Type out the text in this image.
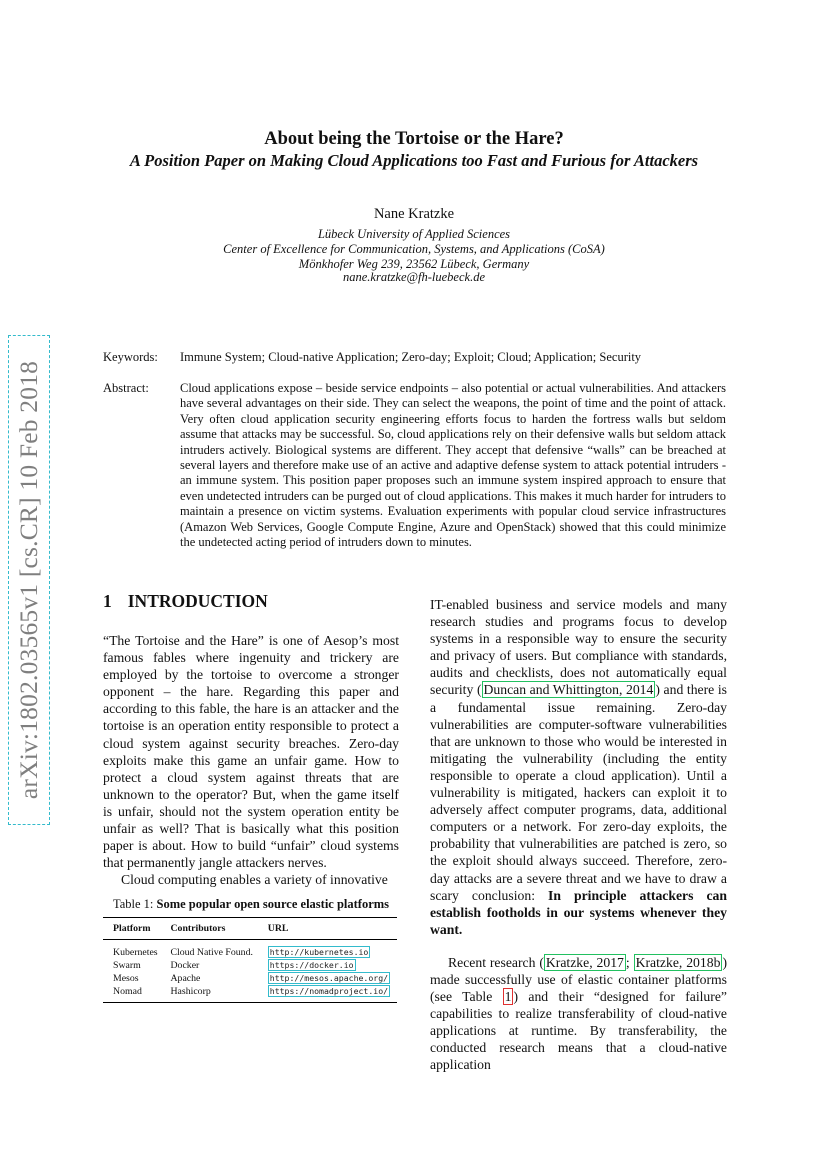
arXiv:1802.03565v1 [cs.CR] 10 Feb 2018
About being the Tortoise or the Hare?
A Position Paper on Making Cloud Applications too Fast and Furious for Attackers
Nane Kratzke
Lübeck University of Applied Sciences
Center of Excellence for Communication, Systems, and Applications (CoSA)
Mönkhofer Weg 239, 23562 Lübeck, Germany
nane.kratzke@fh-luebeck.de
Keywords: Immune System; Cloud-native Application; Zero-day; Exploit; Cloud; Application; Security
Abstract: Cloud applications expose – beside service endpoints – also potential or actual vulnerabilities. And attackers have several advantages on their side. They can select the weapons, the point of time and the point of attack. Very often cloud application security engineering efforts focus to harden the fortress walls but seldom assume that attacks may be successful. So, cloud applications rely on their defensive walls but seldom attack intruders actively. Biological systems are different. They accept that defensive “walls” can be breached at several layers and therefore make use of an active and adaptive defense system to attack potential intruders - an immune system. This position paper proposes such an immune system inspired approach to ensure that even undetected intruders can be purged out of cloud applications. This makes it much harder for intruders to maintain a presence on victim systems. Evaluation experiments with popular cloud service infrastructures (Amazon Web Services, Google Compute Engine, Azure and OpenStack) showed that this could minimize the undetected acting period of intruders down to minutes.

1 INTRODUCTION

“The Tortoise and the Hare” is one of Aesop’s most famous fables where ingenuity and trickery are employed by the tortoise to overcome a stronger opponent – the hare. Regarding this paper and according to this fable, the hare is an attacker and the tortoise is an operation entity responsible to protect a cloud system against security breaches. Zero-day exploits make this game an unfair game. How to protect a cloud system against threats that are unknown to the operator? But, when the game itself is unfair, should not the system operation entity be unfair as well? That is basically what this position paper is about. How to build “unfair” cloud systems that permanently jangle attackers nerves.

Cloud computing enables a variety of innovative

Table 1: Some popular open source elastic platforms
Platform	Contributors	URL
Kubernetes	Cloud Native Found.	http://kubernetes.io
Swarm	Docker	https://docker.io
Mesos	Apache	http://mesos.apache.org/
Nomad	Hashicorp	https://nomadproject.io/

IT-enabled business and service models and many research studies and programs focus to develop systems in a responsible way to ensure the security and privacy of users. But compliance with standards, audits and checklists, does not automatically equal security ( Duncan and Whittington, 2014 ) and there is a fundamental issue remaining. Zero-day vulnerabilities are computer-software vulnerabilities that are unknown to those who would be interested in mitigating the vulnerability (including the entity responsible to operate a cloud application). Until a vulnerability is mitigated, hackers can exploit it to adversely affect computer programs, data, additional computers or a network. For zero-day exploits, the probability that vulnerabilities are patched is zero, so the exploit should always succeed. Therefore, zero-day attacks are a severe threat and we have to draw a scary conclusion: In principle attackers can establish footholds in our systems whenever they want.

Recent research ( Kratzke, 2017 ; Kratzke, 2018b ) made successfully use of elastic container platforms (see Table 1 ) and their “designed for failure” capabilities to realize transferability of cloud-native applications at runtime. By transferability, the conducted research means that a cloud-native application
